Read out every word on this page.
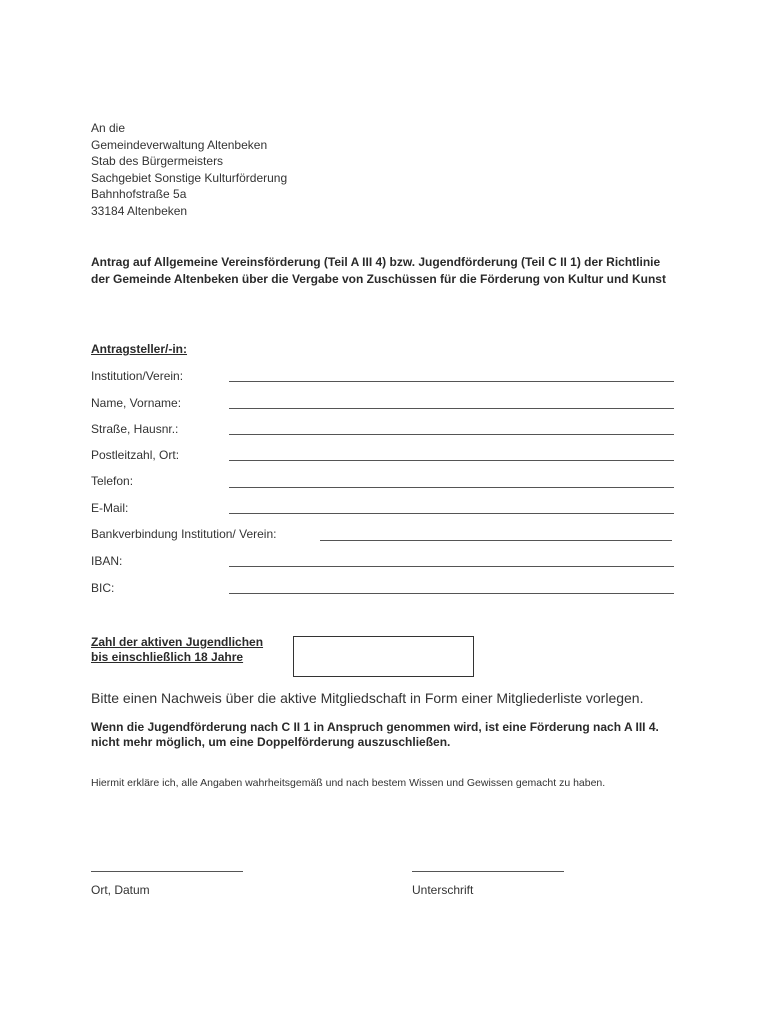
An die
Gemeindeverwaltung Altenbeken
Stab des Bürgermeisters
Sachgebiet Sonstige Kulturförderung
Bahnhofstraße 5a
33184 Altenbeken
Antrag auf Allgemeine Vereinsförderung (Teil A III 4) bzw. Jugendförderung (Teil C II 1) der Richtlinie der Gemeinde Altenbeken über die Vergabe von Zuschüssen für die Förderung von Kultur und Kunst
Antragsteller/-in:
Institution/Verein:
Name, Vorname:
Straße, Hausnr.:
Postleitzahl, Ort:
Telefon:
E-Mail:
Bankverbindung Institution/ Verein:
IBAN:
BIC:
Zahl der aktiven Jugendlichen
bis einschließlich 18 Jahre
Bitte einen Nachweis über die aktive Mitgliedschaft in Form einer Mitgliederliste vorlegen.
Wenn die Jugendförderung nach C II 1 in Anspruch genommen wird, ist eine Förderung nach A III 4. nicht mehr möglich, um eine Doppelförderung auszuschließen.
Hiermit erkläre ich, alle Angaben wahrheitsgemäß und nach bestem Wissen und Gewissen gemacht zu haben.
Ort, Datum	Unterschrift
